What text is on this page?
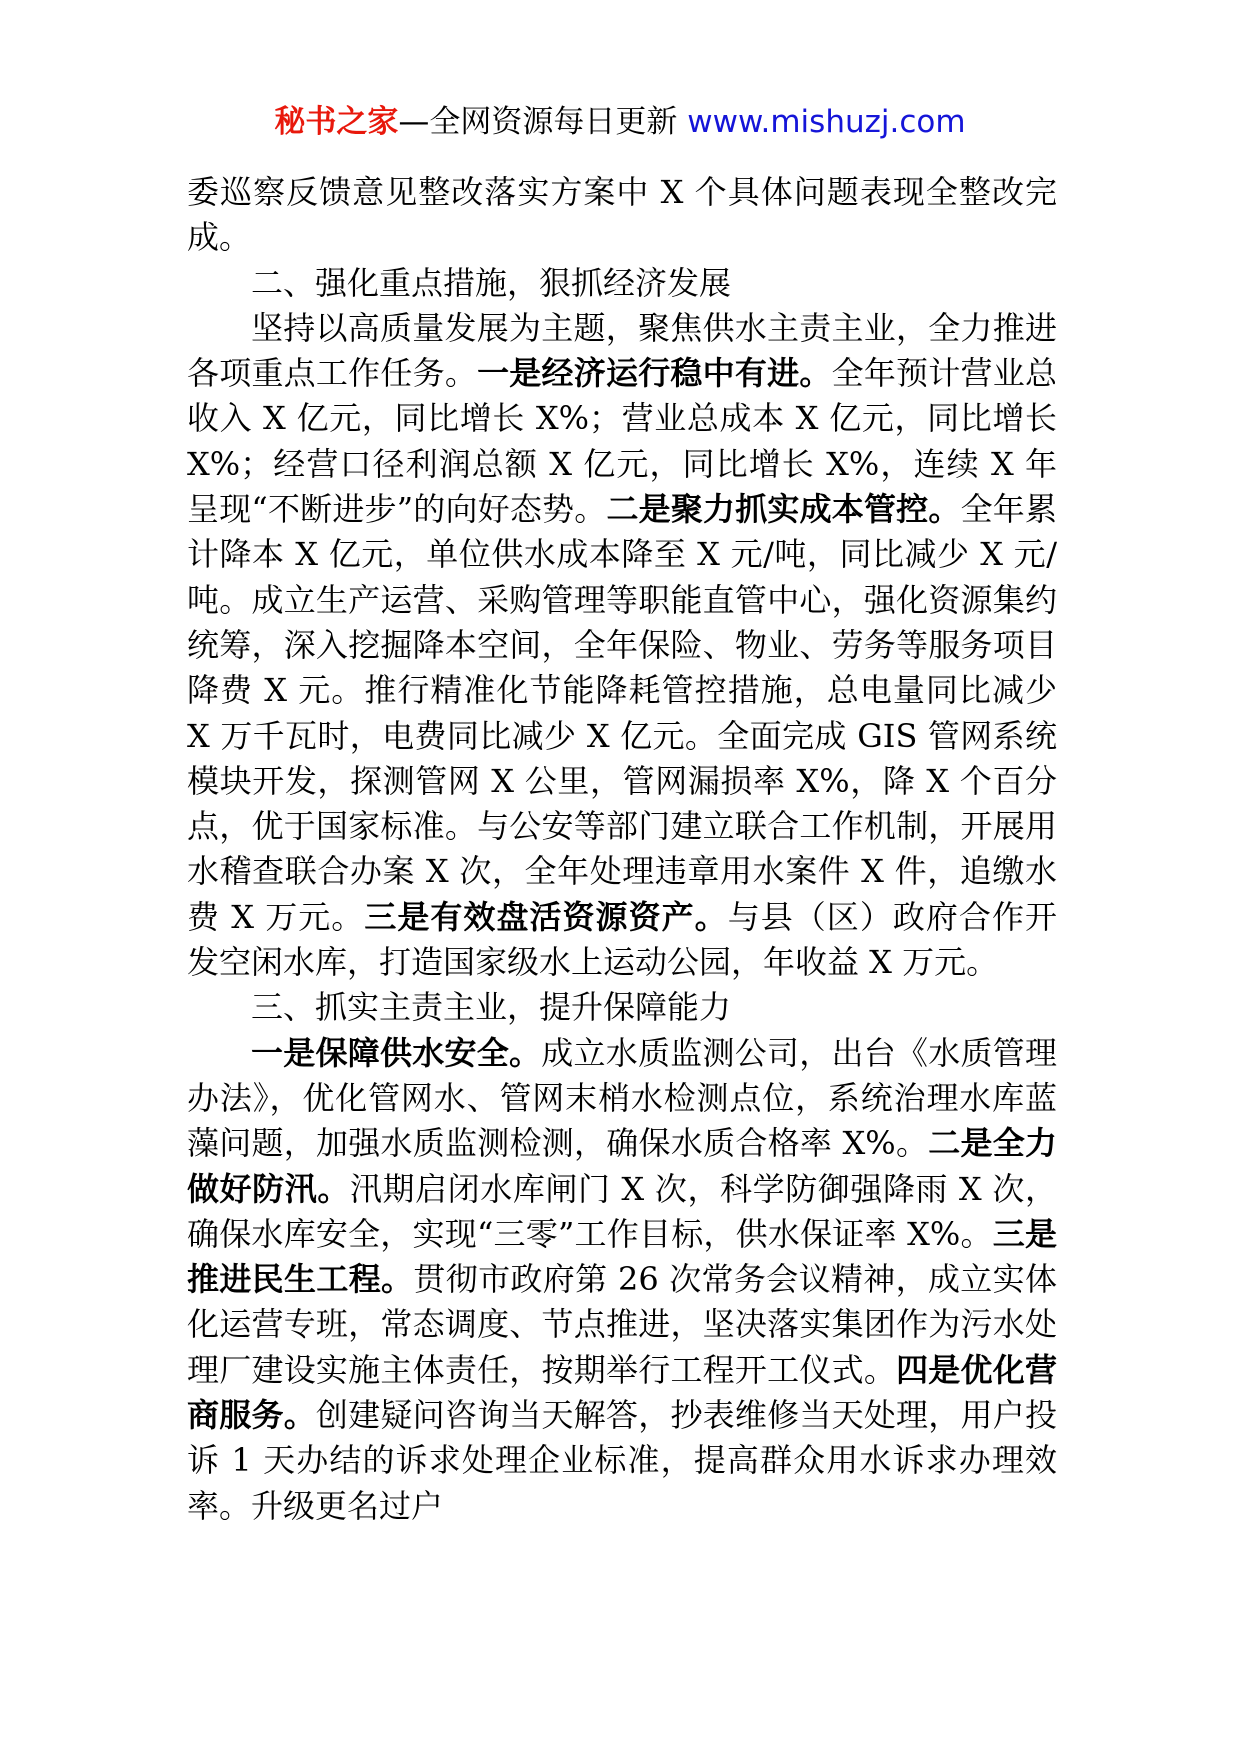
秘书之家—全网资源每日更新 www.mishuzj.com

委巡察反馈意见整改落实方案中 X 个具体问题表现全整改完成。

二、强化重点措施，狠抓经济发展

坚持以高质量发展为主题，聚焦供水主责主业，全力推进各项重点工作任务。一是经济运行稳中有进。全年预计营业总收入 X 亿元，同比增长 X%；营业总成本 X 亿元，同比增长 X%；经营口径利润总额 X 亿元，同比增长 X%，连续 X 年呈现“不断进步”的向好态势。二是聚力抓实成本管控。全年累计降本 X 亿元，单位供水成本降至 X 元/吨，同比减少 X 元/吨。成立生产运营、采购管理等职能直管中心，强化资源集约统筹，深入挖掘降本空间，全年保险、物业、劳务等服务项目降费 X 元。推行精准化节能降耗管控措施，总电量同比减少 X 万千瓦时，电费同比减少 X 亿元。全面完成 GIS 管网系统模块开发，探测管网 X 公里，管网漏损率 X%，降 X 个百分点，优于国家标准。与公安等部门建立联合工作机制，开展用水稽查联合办案 X 次，全年处理违章用水案件 X 件，追缴水费 X 万元。三是有效盘活资源资产。与县（区）政府合作开发空闲水库，打造国家级水上运动公园，年收益 X 万元。

三、抓实主责主业，提升保障能力

一是保障供水安全。成立水质监测公司，出台《水质管理办法》，优化管网水、管网末梢水检测点位，系统治理水库蓝藻问题，加强水质监测检测，确保水质合格率 X%。二是全力做好防汛。汛期启闭水库闸门 X 次，科学防御强降雨 X 次，确保水库安全，实现“三零”工作目标，供水保证率 X%。三是推进民生工程。贯彻市政府第 26 次常务会议精神，成立实体化运营专班，常态调度、节点推进，坚决落实集团作为污水处理厂建设实施主体责任，按期举行工程开工仪式。四是优化营商服务。创建疑问咨询当天解答，抄表维修当天处理，用户投诉 1 天办结的诉求处理企业标准，提高群众用水诉求办理效率。升级更名过户
